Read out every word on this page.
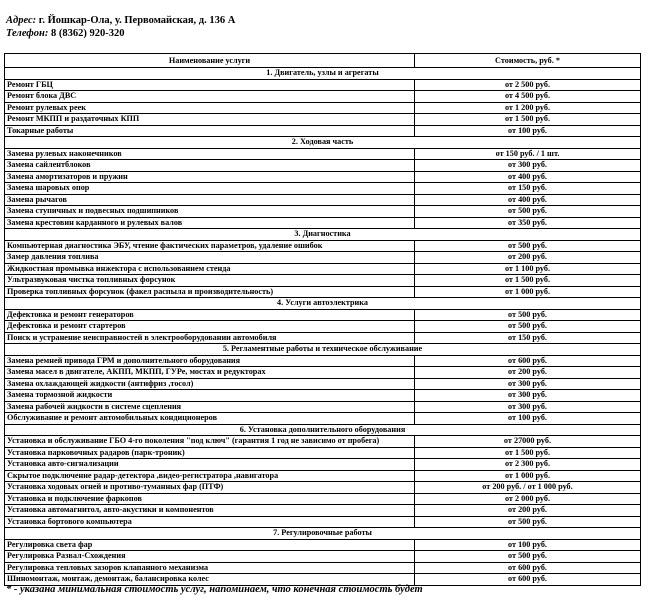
Адрес: г. Йошкар-Ола, у. Первомайская, д. 136 А
Телефон: 8 (8362) 920-320
Наименование услуги	Стоимость, руб. *
1. Двигатель, узлы и агрегаты	
Ремонт ГБЦ	от 2 500 руб.
Ремонт блока ДВС	от 4 500 руб.
Ремонт рулевых реек	от 1 200 руб.
Ремонт МКПП и раздаточных КПП	от 1 500 руб.
Токарные работы	от 100 руб.
2. Ходовая часть	
Замена рулевых наконечников	от 150 руб. / 1 шт.
Замена сайлентблоков	от 300 руб.
Замена амортизаторов и пружин	от 400 руб.
Замена шаровых опор	от 150 руб.
Замена рычагов	от 400 руб.
Замена ступичных и подвесных подшипников	от 500 руб.
Замена крестовин карданного и рулевых валов	от 350 руб.
3. Диагностика	
Компьютерная диагностика ЭБУ, чтение фактических параметров, удаление ошибок	от 500 руб.
Замер давления топлива	от 200 руб.
Жидкостная промывка инжектора с использованием стенда	от 1 100 руб.
Ультразвуковая чистка топливных форсунок	от 1 500 руб.
Проверка топливных форсунок (факел распыла и производительность)	от 1 000 руб.
4. Услуги автоэлектрика	
Дефектовка и ремонт генераторов	от 500 руб.
Дефектовка и ремонт стартеров	от 500 руб.
Поиск и устранение неисправностей в электрооборудовании автомобиля	от 150 руб.
5. Регламентные работы и техническое обслуживание	
Замена ремней привода ГРМ и дополнительного оборудования	от 600 руб.
Замена масел в двигателе, АКПП, МКПП, ГУРе, мостах и редукторах	от 200 руб.
Замена охлаждающей жидкости (антифриз ,тосол)	от 300 руб.
Замена тормозной жидкости	от 300 руб.
Замена рабочей жидкости в системе сцепления	от 300 руб.
Обслуживание и ремонт автомобильных кондиционеров	от 100 руб.
6. Установка дополнительного оборудования	
Установка и обслуживание ГБО 4-го поколения "под ключ" (гарантия 1 год не зависимо от пробега)	от 27000 руб.
Установка парковочных радаров (парк-троник)	от 1 500 руб.
Установка авто-сигнализации	от 2 300 руб.
Скрытое подключение радар-детектора ,видео-регистратора ,навигатора	от 1 000 руб.
Установка ходовых огней и противо-туманных фар (ПТФ)	от 200 руб. / от 1 000 руб.
Установка и подключение фаркопов	от 2 000 руб.
Установка автомагнитол, авто-акустики и компонентов	от 200 руб.
Установка бортового компьютера	от 500 руб.
7. Регулировочные работы	
Регулировка света фар	от 100 руб.
Регулировка Развал-Схождения	от 500 руб.
Регулировка тепловых зазоров клапанного механизма	от 600 руб.
Шиномонтаж, монтаж, демонтаж, балансировка колес	от 600 руб.
* - указана минимальная стоимость услуг, напоминаем, что конечная стоимость будет
